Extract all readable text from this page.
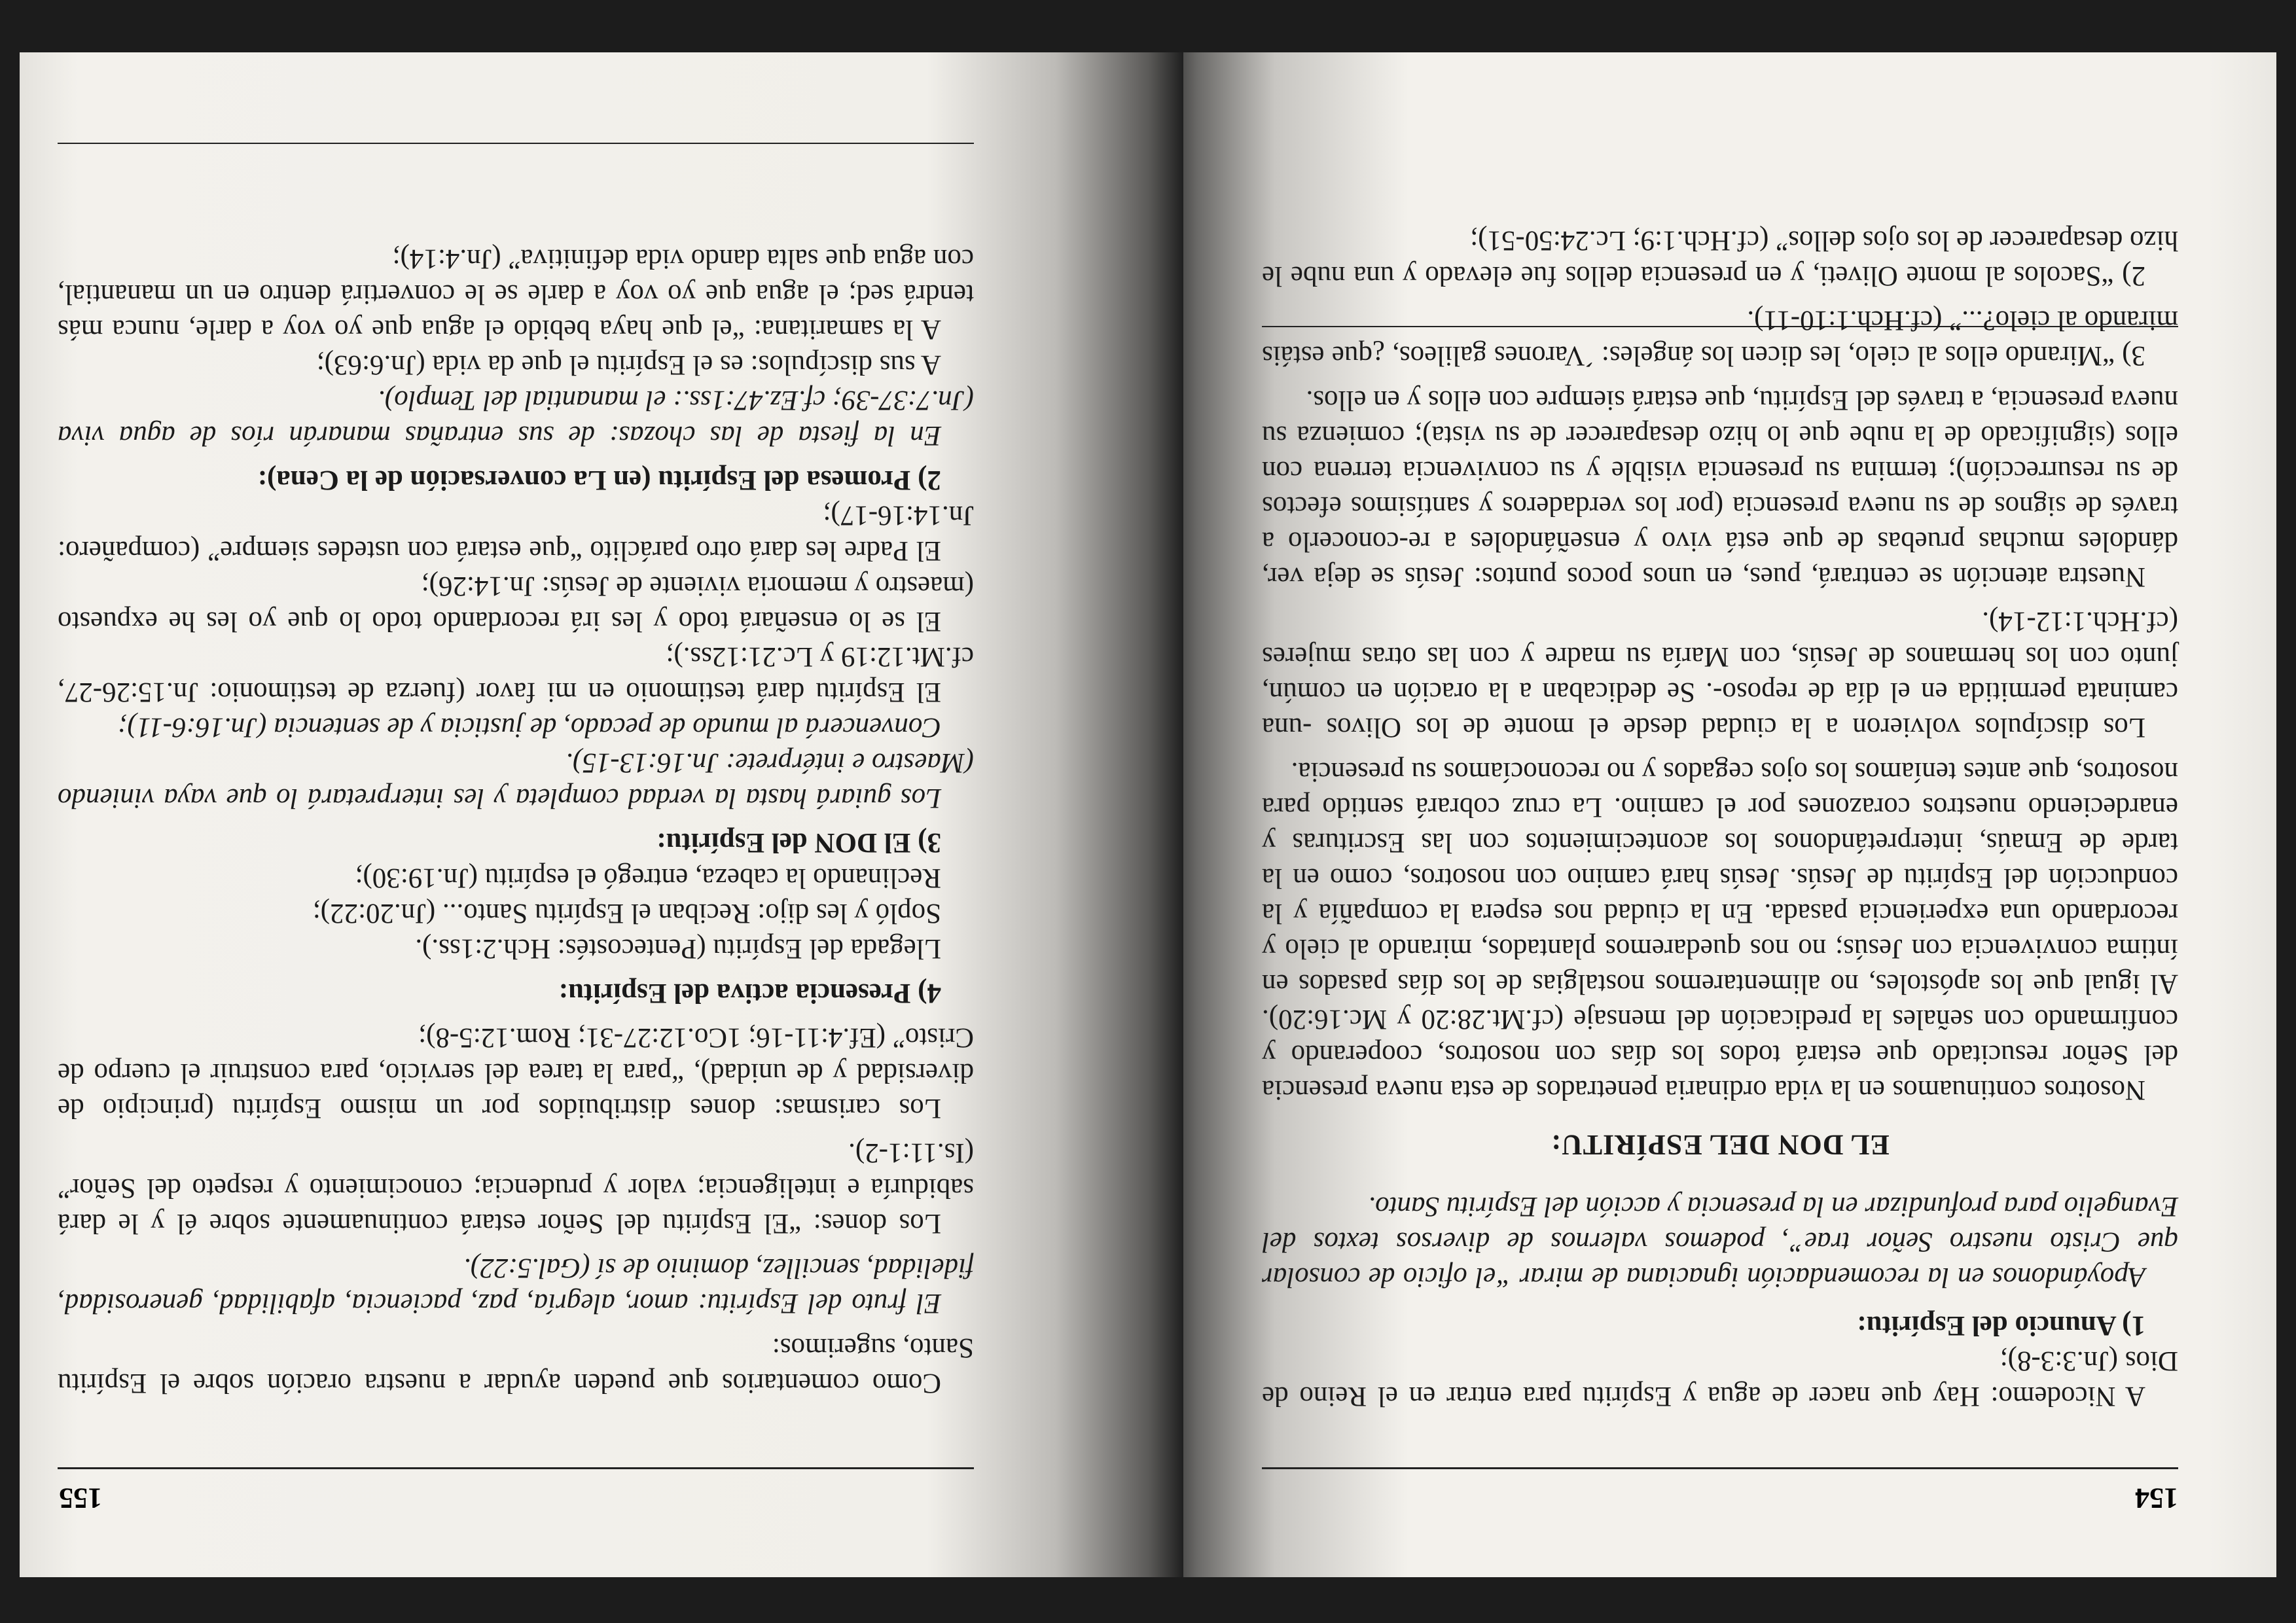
154

A Nicodemo: Hay que nacer de agua y Espíritu para entrar en el Reino de Dios (Jn.3:3-8);

1) Anuncio del Espíritu:

Apoyándonos en la recomendación ignaciana de mirar “el oficio de consolar que Cristo nuestro Señor trae”, podemos valernos de diversos textos del Evangelio para profundizar en la presencia y acción del Espíritu Santo.

EL DON DEL ESPÍRITU:

Nosotros continuamos en la vida ordinaria penetrados de esta nueva presencia del Señor resucitado que estará todos los días con nosotros, cooperando y confirmando con señales la predicación del mensaje (cf.Mt.28:20 y Mc.16:20). Al igual que los apóstoles, no alimentaremos nostalgias de los días pasados en íntima convivencia con Jesús; no nos quedaremos plantados, mirando al cielo y recordando una experiencia pasada. En la ciudad nos espera la compañía y la conducción del Espíritu de Jesús. Jesús hará camino con nosotros, como en la tarde de Emaús, interpretándonos los acontecimientos con las Escrituras y enardeciendo nuestros corazones por el camino. La cruz cobrará sentido para nosotros, que antes teníamos los ojos cegados y no reconocíamos su presencia.

Los discípulos volvieron a la ciudad desde el monte de los Olivos -una caminata permitida en el día de reposo-. Se dedicaban a la oración en común, junto con los hermanos de Jesús, con María su madre y con las otras mujeres (cf.Hch.1:12-14).

Nuestra atención se centrará, pues, en unos pocos puntos: Jesús se deja ver, dándoles muchas pruebas de que está vivo y enseñándoles a re-conocerlo a través de signos de su nueva presencia (por los verdaderos y santísimos efectos de su resurrección); termina su presencia visible y su convivencia terrena con ellos (significado de la nube que lo hizo desaparecer de su vista); comienza su nueva presencia, a través del Espíritu, que estará siempre con ellos y en ellos.

3) “Mirando ellos al cielo, les dicen los ángeles: ´Varones galileos, ¿que estáis mirando al cielo?...” (cf.Hch.1:10-11).

2) “Sacolos al monte Oliveti, y en presencia dellos fue elevado y una nube le hizo desaparecer de los ojos dellos” (cf.Hch.1:9; Lc.24:50-51);

155

Como comentarios que pueden ayudar a nuestra oración sobre el Espíritu Santo, sugerimos:

El fruto del Espíritu: amor, alegría, paz, paciencia, afabilidad, generosidad, fidelidad, sencillez, dominio de sí (Gal.5:22).

Los dones: “El Espíritu del Señor estará continuamente sobre él y le dará sabiduría e inteligencia; valor y prudencia; conocimiento y respeto del Señor” (Is.11:1-2).

Los carismas: dones distribuidos por un mismo Espíritu (principio de diversidad y de unidad), “para la tarea del servicio, para construir el cuerpo de Cristo” (Ef.4:11-16; 1Co.12:27-31; Rom.12:5-8);

4) Presencia activa del Espíritu:

Llegada del Espíritu (Pentecostés: Hch.2:1ss.).

Sopló y les dijo: Reciban el Espíritu Santo... (Jn.20:22);

Reclinando la cabeza, entregó el espíritu (Jn.19:30);

3) El DON del Espíritu:

Los guiará hasta la verdad completa y les interpretará lo que vaya viniendo (Maestro e intérprete: Jn.16:13-15).

Convencerá al mundo de pecado, de justicia y de sentencia (Jn.16:6-11);

El Espíritu dará testimonio en mi favor (fuerza de testimonio: Jn.15:26-27, cf.Mt.12:19 y Lc.21:12ss.);

El se lo enseñará todo y les irá recordando todo lo que yo les he expuesto (maestro y memoria viviente de Jesús: Jn.14:26);

El Padre les dará otro paráclito “que estará con ustedes siempre” (compañero: Jn.14:16-17);

2) Promesa del Espíritu (en La conversación de la Cena):

En la fiesta de las chozas: de sus entrañas manarán ríos de agua viva (Jn.7:37-39; cf.Ez.47:1ss.: el manantial del Templo).

A sus discípulos: es el Espíritu el que da vida (Jn.6:63);

A la samaritana: “el que haya bebido el agua que yo voy a darle, nunca más tendrá sed; el agua que yo voy a darle se le convertirá dentro en un manantial, con agua que salta dando vida definitiva” (Jn.4:14);
